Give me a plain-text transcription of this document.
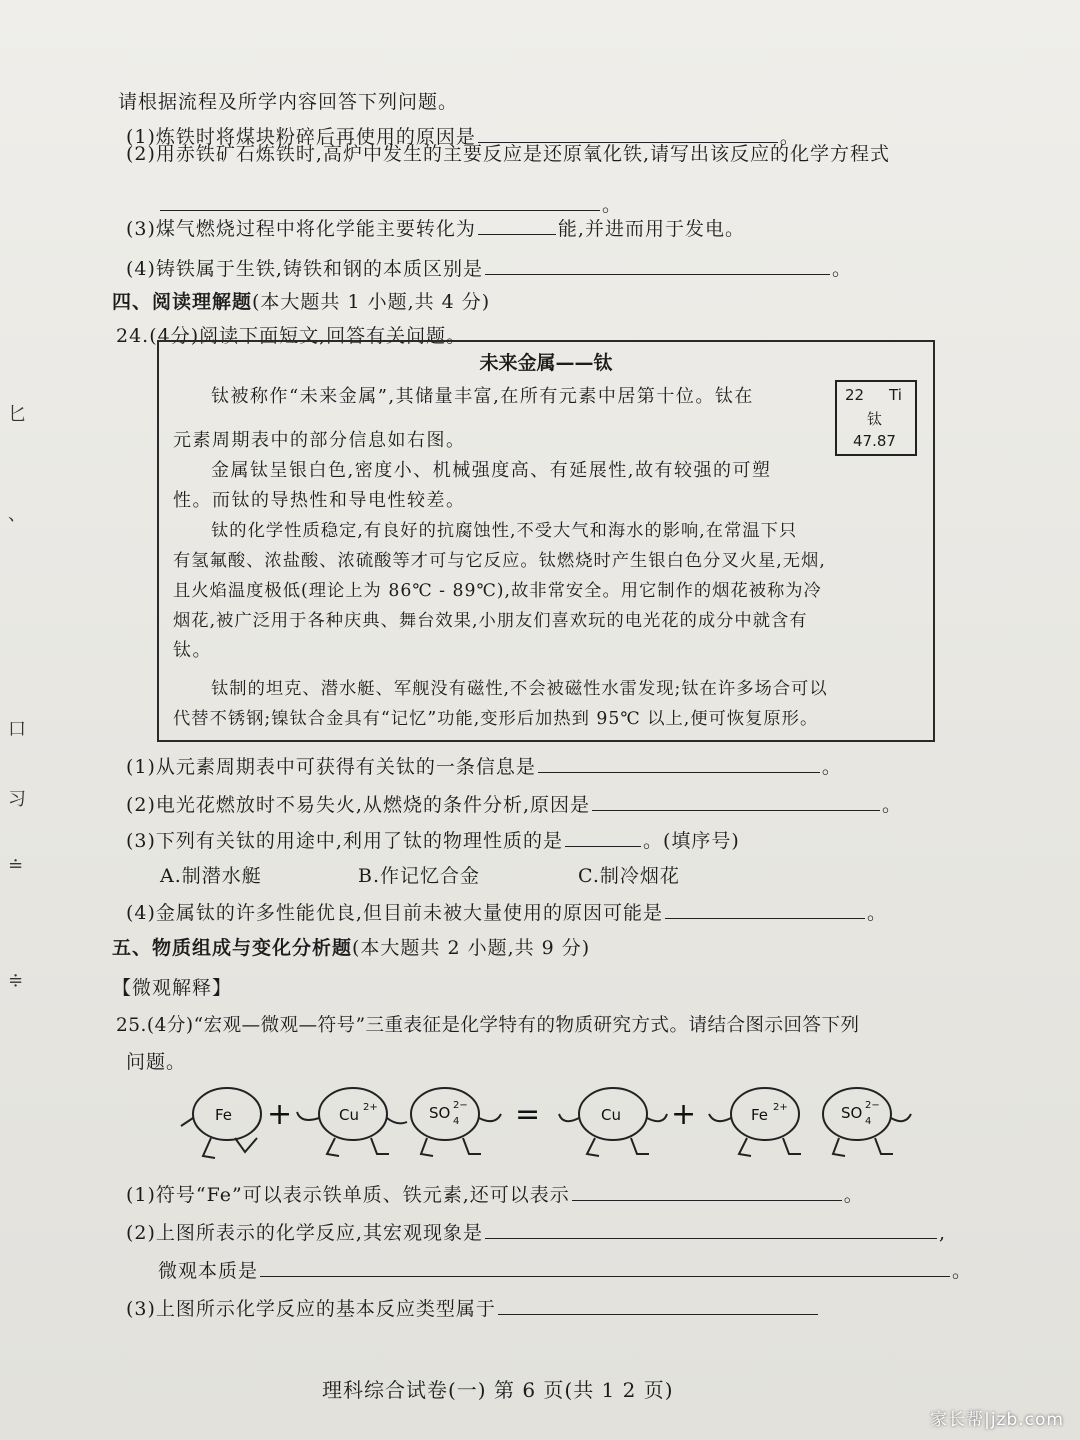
匕
、
口
习
≐
≑
请根据流程及所学内容回答下列问题。
(1)炼铁时将煤块粉碎后再使用的原因是	。
(2)用赤铁矿石炼铁时,高炉中发生的主要反应是还原氧化铁,请写出该反应的化学方程式
。
(3)煤气燃烧过程中将化学能主要转化为	能,并进而用于发电。
(4)铸铁属于生铁,铸铁和钢的本质区别是	。
四、阅读理解题(本大题共 1 小题,共 4 分)
24.(4分)阅读下面短文,回答有关问题。
未来金属——钛
22 Ti
钛
47.87
钛被称作“未来金属”,其储量丰富,在所有元素中居第十位。钛在
元素周期表中的部分信息如右图。
金属钛呈银白色,密度小、机械强度高、有延展性,故有较强的可塑
性。而钛的导热性和导电性较差。
钛的化学性质稳定,有良好的抗腐蚀性,不受大气和海水的影响,在常温下只
有氢氟酸、浓盐酸、浓硫酸等才可与它反应。钛燃烧时产生银白色分叉火星,无烟,
且火焰温度极低(理论上为 86℃ - 89℃),故非常安全。用它制作的烟花被称为冷
烟花,被广泛用于各种庆典、舞台效果,小朋友们喜欢玩的电光花的成分中就含有
钛。
钛制的坦克、潜水艇、军舰没有磁性,不会被磁性水雷发现;钛在许多场合可以
代替不锈钢;镍钛合金具有“记忆”功能,变形后加热到 95℃ 以上,便可恢复原形。
(1)从元素周期表中可获得有关钛的一条信息是	。
(2)电光花燃放时不易失火,从燃烧的条件分析,原因是	。
(3)下列有关钛的用途中,利用了钛的物理性质的是	。(填序号)
A.制潜水艇	B.作记忆合金	C.制冷烟花
(4)金属钛的许多性能优良,但目前未被大量使用的原因可能是	。
五、物质组成与变化分析题(本大题共 2 小题,共 9 分)
【微观解释】
25.(4分)“宏观—微观—符号”三重表征是化学特有的物质研究方式。请结合图示回答下列
问题。
Fe +	Cu 2+	SO 4
2− =	Cu +	Fe 2+	SO 4
2−
(1)符号“Fe”可以表示铁单质、铁元素,还可以表示	。
(2)上图所表示的化学反应,其宏观现象是	,
微观本质是	。
(3)上图所示化学反应的基本反应类型属于
理科综合试卷(一) 第 6 页(共 1 2 页)
家长帮|jzb.com
